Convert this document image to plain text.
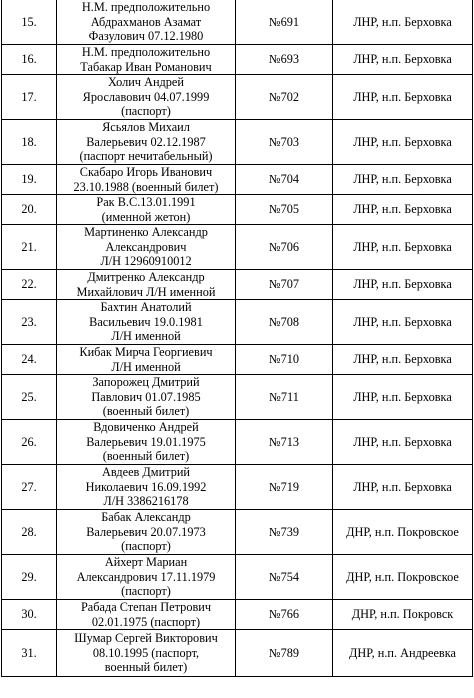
15.	Н.М. предположительно
Абдрахманов Азамат
Фазулович 07.12.1980	№691	ЛНР, н.п. Берховка
16.	Н.М. предположительно
Табакар Иван Романович	№693	ЛНР, н.п. Берховка
17.	Холич Андрей
Ярославович 04.07.1999
(паспорт)	№702	ЛНР, н.п. Берховка
18.	Ясьялов Михаил
Валерьевич 02.12.1987
(паспорт нечитабельный)	№703	ЛНР, н.п. Берховка
19.	Скабаро Игорь Иванович
23.10.1988 (военный билет)	№704	ЛНР, н.п. Берховка
20.	Рак В.С.13.01.1991
(именной жетон)	№705	ЛНР, н.п. Берховка
21.	Мартиненко Александр
Александрович
Л/Н 12960910012	№706	ЛНР, н.п. Берховка
22.	Дмитренко Александр
Михайлович Л/Н именной	№707	ЛНР, н.п. Берховка
23.	Бахтин Анатолий
Васильевич 19.0.1981
Л/Н именной	№708	ЛНР, н.п. Берховка
24.	Кибак Мирча Георгиевич
Л/Н именной	№710	ЛНР, н.п. Берховка
25.	Запорожец Дмитрий
Павлович 01.07.1985
(военный билет)	№711	ЛНР, н.п. Берховка
26.	Вдовиченко Андрей
Валерьевич 19.01.1975
(военный билет)	№713	ЛНР, н.п. Берховка
27.	Авдеев Дмитрий
Николаевич 16.09.1992
Л/Н 3386216178	№719	ЛНР, н.п. Берховка
28.	Бабак Александр
Валерьевич 20.07.1973
(паспорт)	№739	ДНР, н.п. Покровское
29.	Айхерт Мариан
Александрович 17.11.1979
(паспорт)	№754	ДНР, н.п. Покровское
30.	Рабада Степан Петрович
02.01.1975 (паспорт)	№766	ДНР, н.п. Покровск
31.	Шумар Сергей Викторович
08.10.1995 (паспорт,
военный билет)	№789	ДНР, н.п. Андреевка
